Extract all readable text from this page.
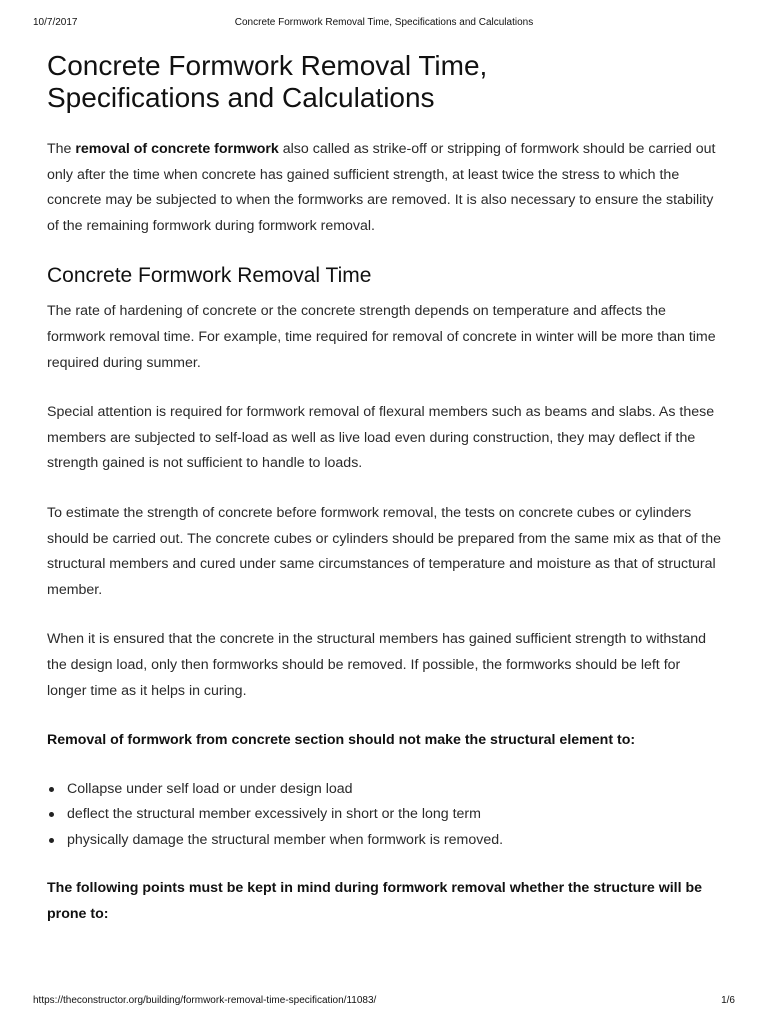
10/7/2017	Concrete Formwork Removal Time, Specifications and Calculations
Concrete Formwork Removal Time,
Specifications and Calculations

The removal of concrete formwork also called as strike-off or stripping of formwork should be carried out only after the time when concrete has gained sufficient strength, at least twice the stress to which the concrete may be subjected to when the formworks are removed. It is also necessary to ensure the stability of the remaining formwork during formwork removal.

Concrete Formwork Removal Time

The rate of hardening of concrete or the concrete strength depends on temperature and affects the formwork removal time. For example, time required for removal of concrete in winter will be more than time required during summer.

Special attention is required for formwork removal of flexural members such as beams and slabs. As these members are subjected to self-load as well as live load even during construction, they may deflect if the strength gained is not sufficient to handle to loads.

To estimate the strength of concrete before formwork removal, the tests on concrete cubes or cylinders should be carried out. The concrete cubes or cylinders should be prepared from the same mix as that of the structural members and cured under same circumstances of temperature and moisture as that of structural member.

When it is ensured that the concrete in the structural members has gained sufficient strength to withstand the design load, only then formworks should be removed. If possible, the formworks should be left for longer time as it helps in curing.

Removal of formwork from concrete section should not make the structural element to:

Collapse under self load or under design load
deflect the structural member excessively in short or the long term
physically damage the structural member when formwork is removed.

The following points must be kept in mind during formwork removal whether the structure will be prone to:

https://theconstructor.org/building/formwork-removal-time-specification/11083/	1/6
